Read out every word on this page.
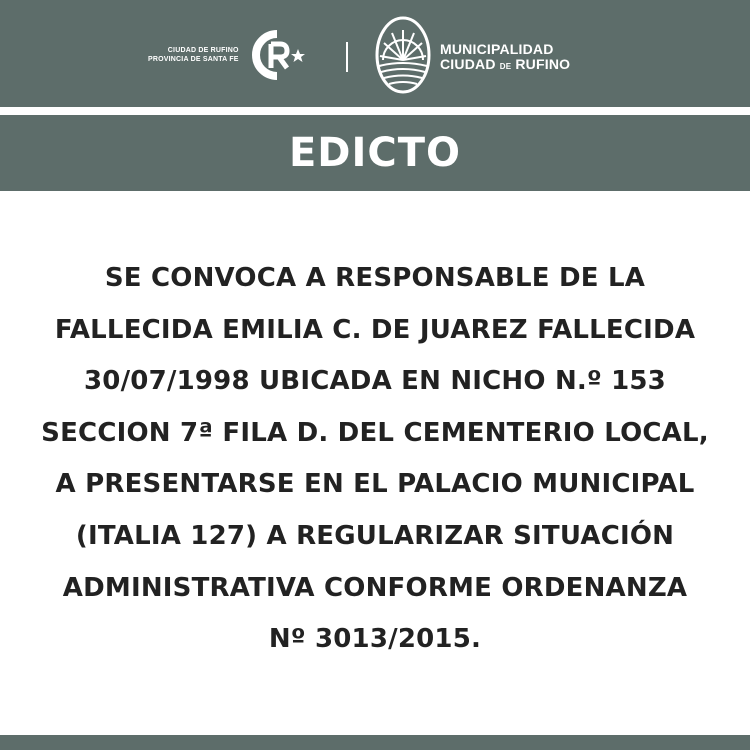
CIUDAD DE RUFINO
PROVINCIA DE SANTA FE
MUNICIPALIDAD
CIUDAD DE RUFINO
EDICTO
SE CONVOCA A RESPONSABLE DE LA
FALLECIDA EMILIA C. DE JUAREZ FALLECIDA
30/07/1998 UBICADA EN NICHO N.º 153
SECCION 7ª FILA D. DEL CEMENTERIO LOCAL,
A PRESENTARSE EN EL PALACIO MUNICIPAL
(ITALIA 127) A REGULARIZAR SITUACIÓN
ADMINISTRATIVA CONFORME ORDENANZA
Nº 3013/2015.
